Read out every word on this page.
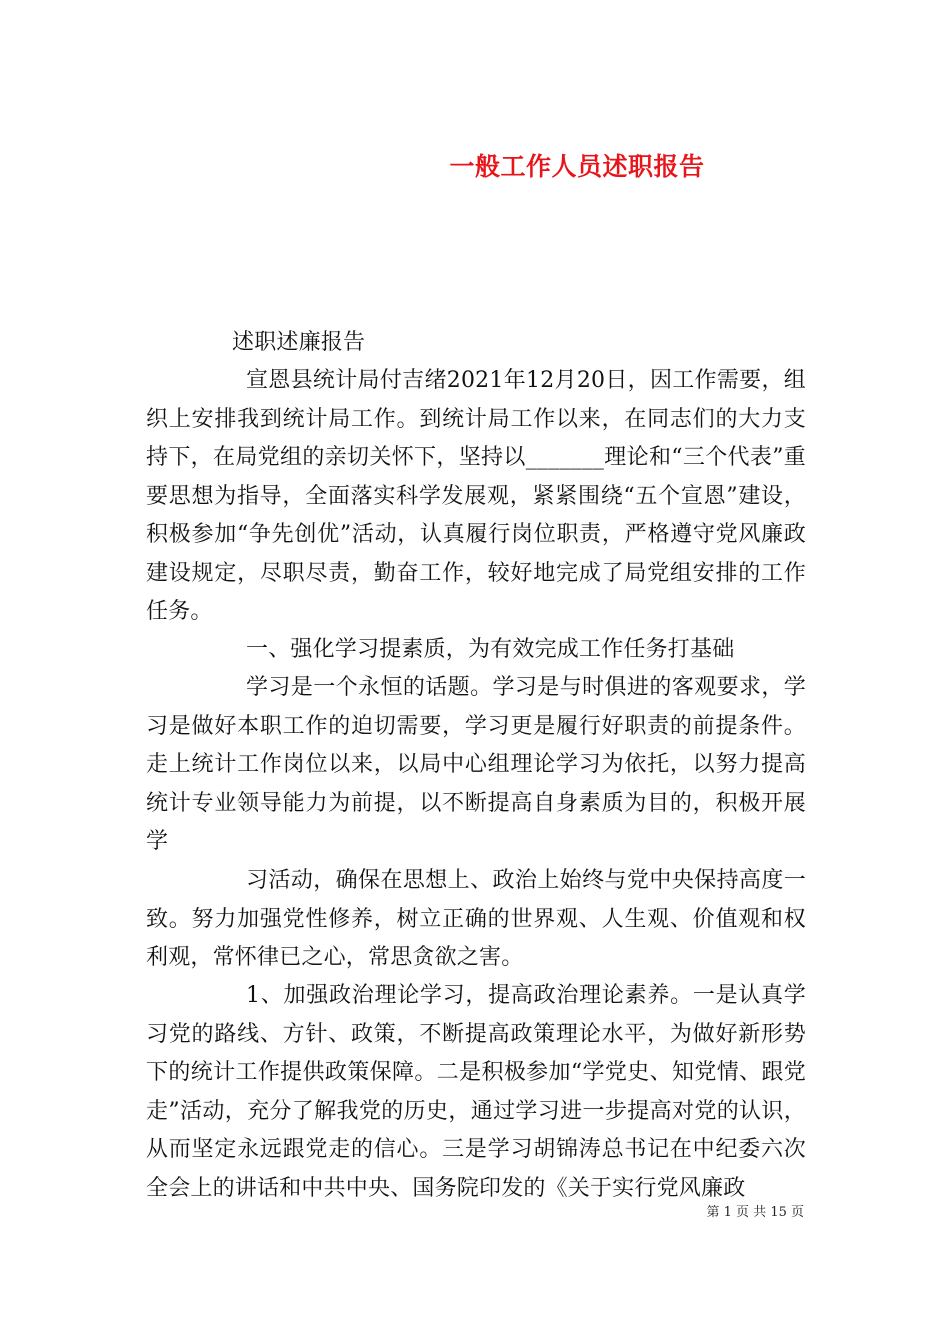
一般工作人员述职报告

述职述廉报告

宣恩县统计局付吉绪2021年12月20日，因工作需要，组织上安排我到统计局工作。到统计局工作以来，在同志们的大力支持下，在局党组的亲切关怀下，坚持以_______理论和“三个代表”重要思想为指导，全面落实科学发展观，紧紧围绕“五个宣恩”建设，积极参加“争先创优”活动，认真履行岗位职责，严格遵守党风廉政建设规定，尽职尽责，勤奋工作，较好地完成了局党组安排的工作任务。

一、强化学习提素质，为有效完成工作任务打基础

学习是一个永恒的话题。学习是与时俱进的客观要求，学习是做好本职工作的迫切需要，学习更是履行好职责的前提条件。走上统计工作岗位以来，以局中心组理论学习为依托，以努力提高统计专业领导能力为前提，以不断提高自身素质为目的，积极开展学

习活动，确保在思想上、政治上始终与党中央保持高度一致。努力加强党性修养，树立正确的世界观、人生观、价值观和权利观，常怀律已之心，常思贪欲之害。

1、加强政治理论学习，提高政治理论素养。一是认真学习党的路线、方针、政策，不断提高政策理论水平，为做好新形势下的统计工作提供政策保障。二是积极参加“学党史、知党情、跟党走”活动，充分了解我党的历史，通过学习进一步提高对党的认识，从而坚定永远跟党走的信心。三是学习胡锦涛总书记在中纪委六次全会上的讲话和中共中央、国务院印发的《关于实行党风廉政

第 1 页 共 15 页
